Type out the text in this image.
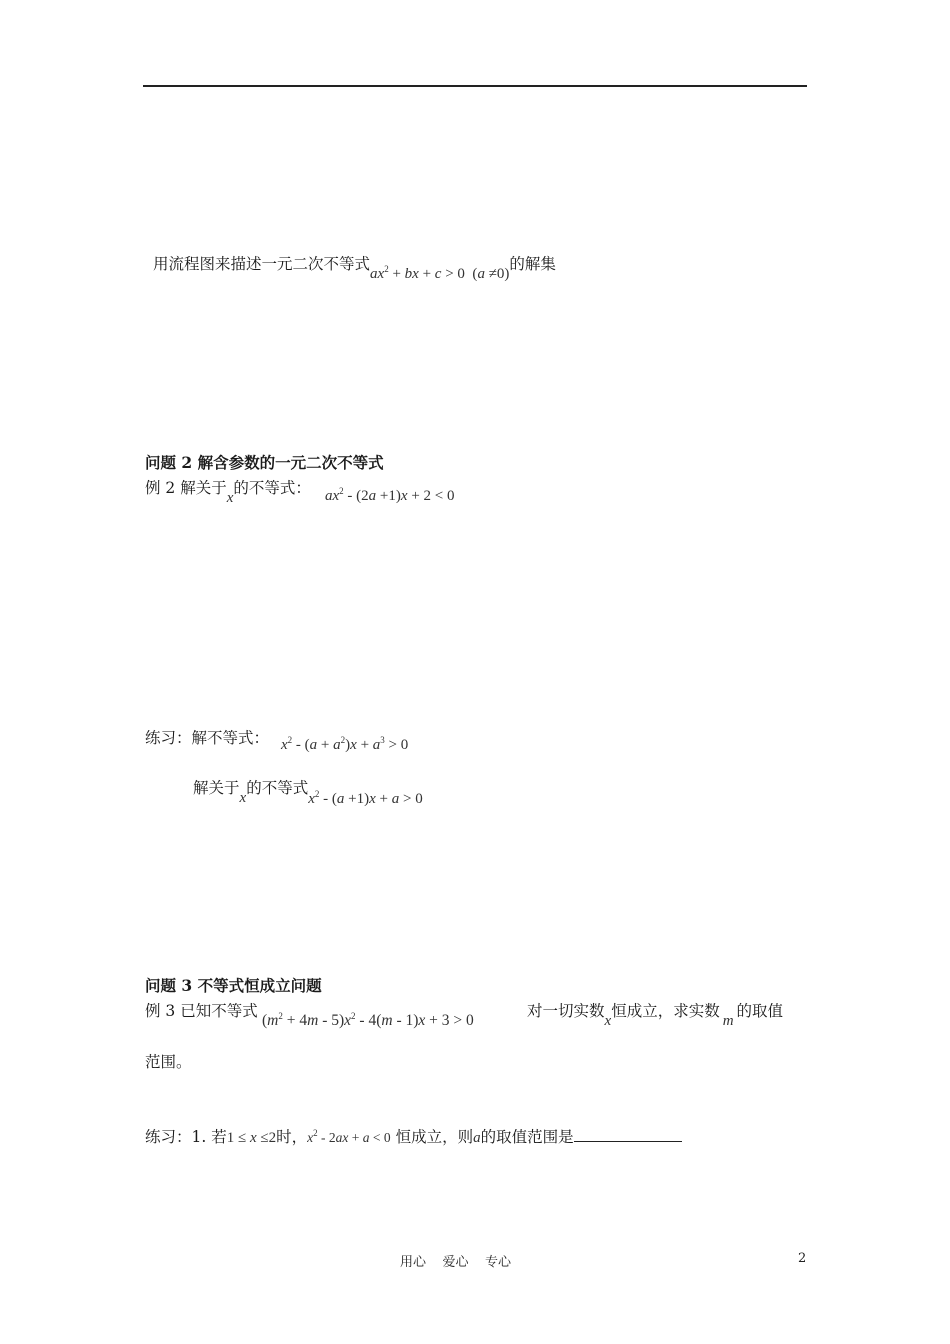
用流程图来描述一元二次不等式$ax^2$ + bx + c > 0  (a ≠0)的解集
问题 2 解含参数的一元二次不等式
例 2 解关于x的不等式： $ax^2 - (2a +1)x + 2 < 0$
练习：解不等式： $x^2 - (a + a^2)x + a^3 > 0$
解关于x的不等式$x^2 - (a +1)x + a > 0$
问题 3 不等式恒成立问题
例 3 已知不等式
$(m^2 + 4m - 5)x^2 - 4(m - 1)x + 3 > 0$
对一切实数x恒成立，求实数m的取值
范围。
练习：1. 若1 ≤ x ≤2时，$x^2 - 2ax + a < 0$ 恒成立，则a的取值范围是
用心    爱心    专心	2
